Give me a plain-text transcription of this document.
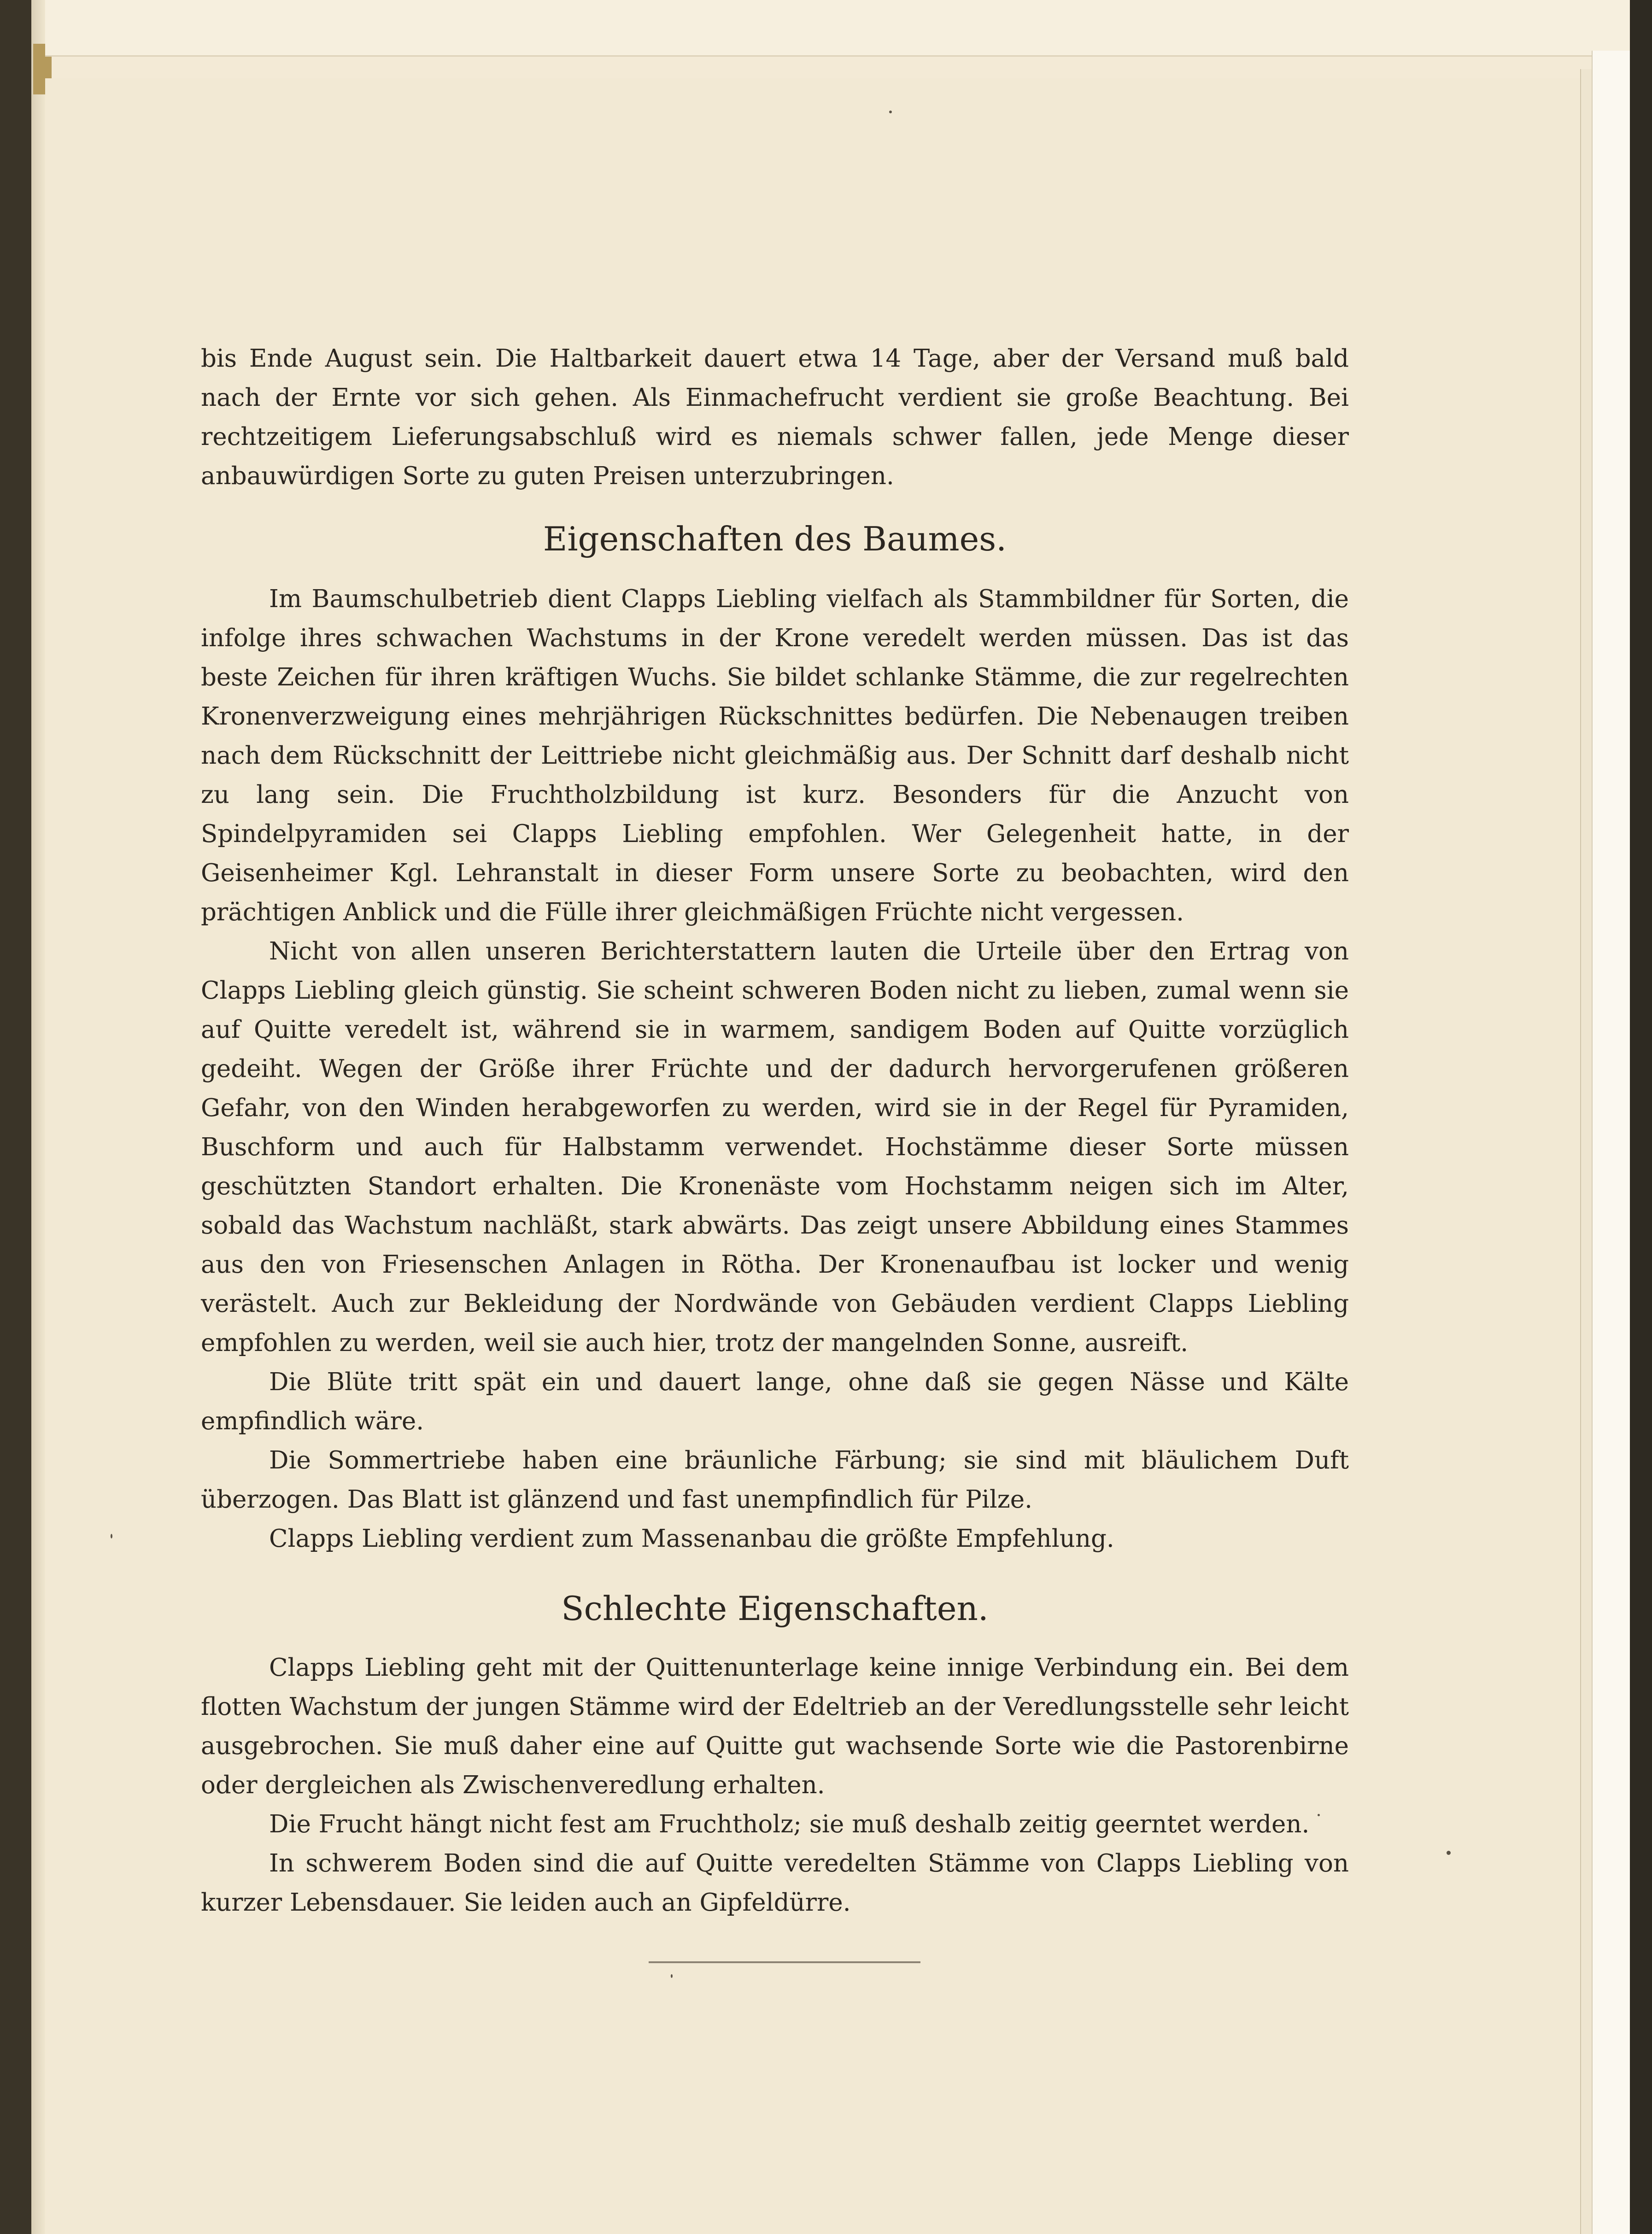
bis Ende August sein. Die Haltbarkeit dauert etwa 14 Tage, aber der Versand muß bald nach der Ernte vor sich gehen. Als Einmachefrucht verdient sie große Beachtung. Bei rechtzeitigem Lieferungsabschluß wird es niemals schwer fallen, jede Menge dieser anbauwürdigen Sorte zu guten Preisen unterzubringen.

Eigenschaften des Baumes.

Im Baumschulbetrieb dient Clapps Liebling vielfach als Stammbildner für Sorten, die infolge ihres schwachen Wachstums in der Krone veredelt werden müssen. Das ist das beste Zeichen für ihren kräftigen Wuchs. Sie bildet schlanke Stämme, die zur regelrechten Kronenverzweigung eines mehrjährigen Rückschnittes bedürfen. Die Nebenaugen treiben nach dem Rückschnitt der Leittriebe nicht gleichmäßig aus. Der Schnitt darf deshalb nicht zu lang sein. Die Fruchtholzbildung ist kurz. Besonders für die Anzucht von Spindelpyramiden sei Clapps Liebling empfohlen. Wer Gelegenheit hatte, in der Geisenheimer Kgl. Lehranstalt in dieser Form unsere Sorte zu beobachten, wird den prächtigen Anblick und die Fülle ihrer gleichmäßigen Früchte nicht vergessen.

Nicht von allen unseren Berichterstattern lauten die Urteile über den Ertrag von Clapps Liebling gleich günstig. Sie scheint schweren Boden nicht zu lieben, zumal wenn sie auf Quitte veredelt ist, während sie in warmem, sandigem Boden auf Quitte vorzüglich gedeiht. Wegen der Größe ihrer Früchte und der dadurch hervorgerufenen größeren Gefahr, von den Winden herabgeworfen zu werden, wird sie in der Regel für Pyramiden, Buschform und auch für Halbstamm verwendet. Hochstämme dieser Sorte müssen geschützten Standort erhalten. Die Kronenäste vom Hochstamm neigen sich im Alter, sobald das Wachstum nachläßt, stark abwärts. Das zeigt unsere Abbildung eines Stammes aus den von Friesenschen Anlagen in Rötha. Der Kronenaufbau ist locker und wenig verästelt. Auch zur Bekleidung der Nordwände von Gebäuden verdient Clapps Liebling empfohlen zu werden, weil sie auch hier, trotz der mangelnden Sonne, ausreift.

Die Blüte tritt spät ein und dauert lange, ohne daß sie gegen Nässe und Kälte empfindlich wäre.

Die Sommertriebe haben eine bräunliche Färbung; sie sind mit bläulichem Duft überzogen. Das Blatt ist glänzend und fast unempfindlich für Pilze.

Clapps Liebling verdient zum Massenanbau die größte Empfehlung.

Schlechte Eigenschaften.

Clapps Liebling geht mit der Quittenunterlage keine innige Verbindung ein. Bei dem flotten Wachstum der jungen Stämme wird der Edeltrieb an der Veredlungsstelle sehr leicht ausgebrochen. Sie muß daher eine auf Quitte gut wachsende Sorte wie die Pastorenbirne oder dergleichen als Zwischenveredlung erhalten.

Die Frucht hängt nicht fest am Fruchtholz; sie muß deshalb zeitig geerntet werden.

In schwerem Boden sind die auf Quitte veredelten Stämme von Clapps Liebling von kurzer Lebensdauer. Sie leiden auch an Gipfeldürre.
